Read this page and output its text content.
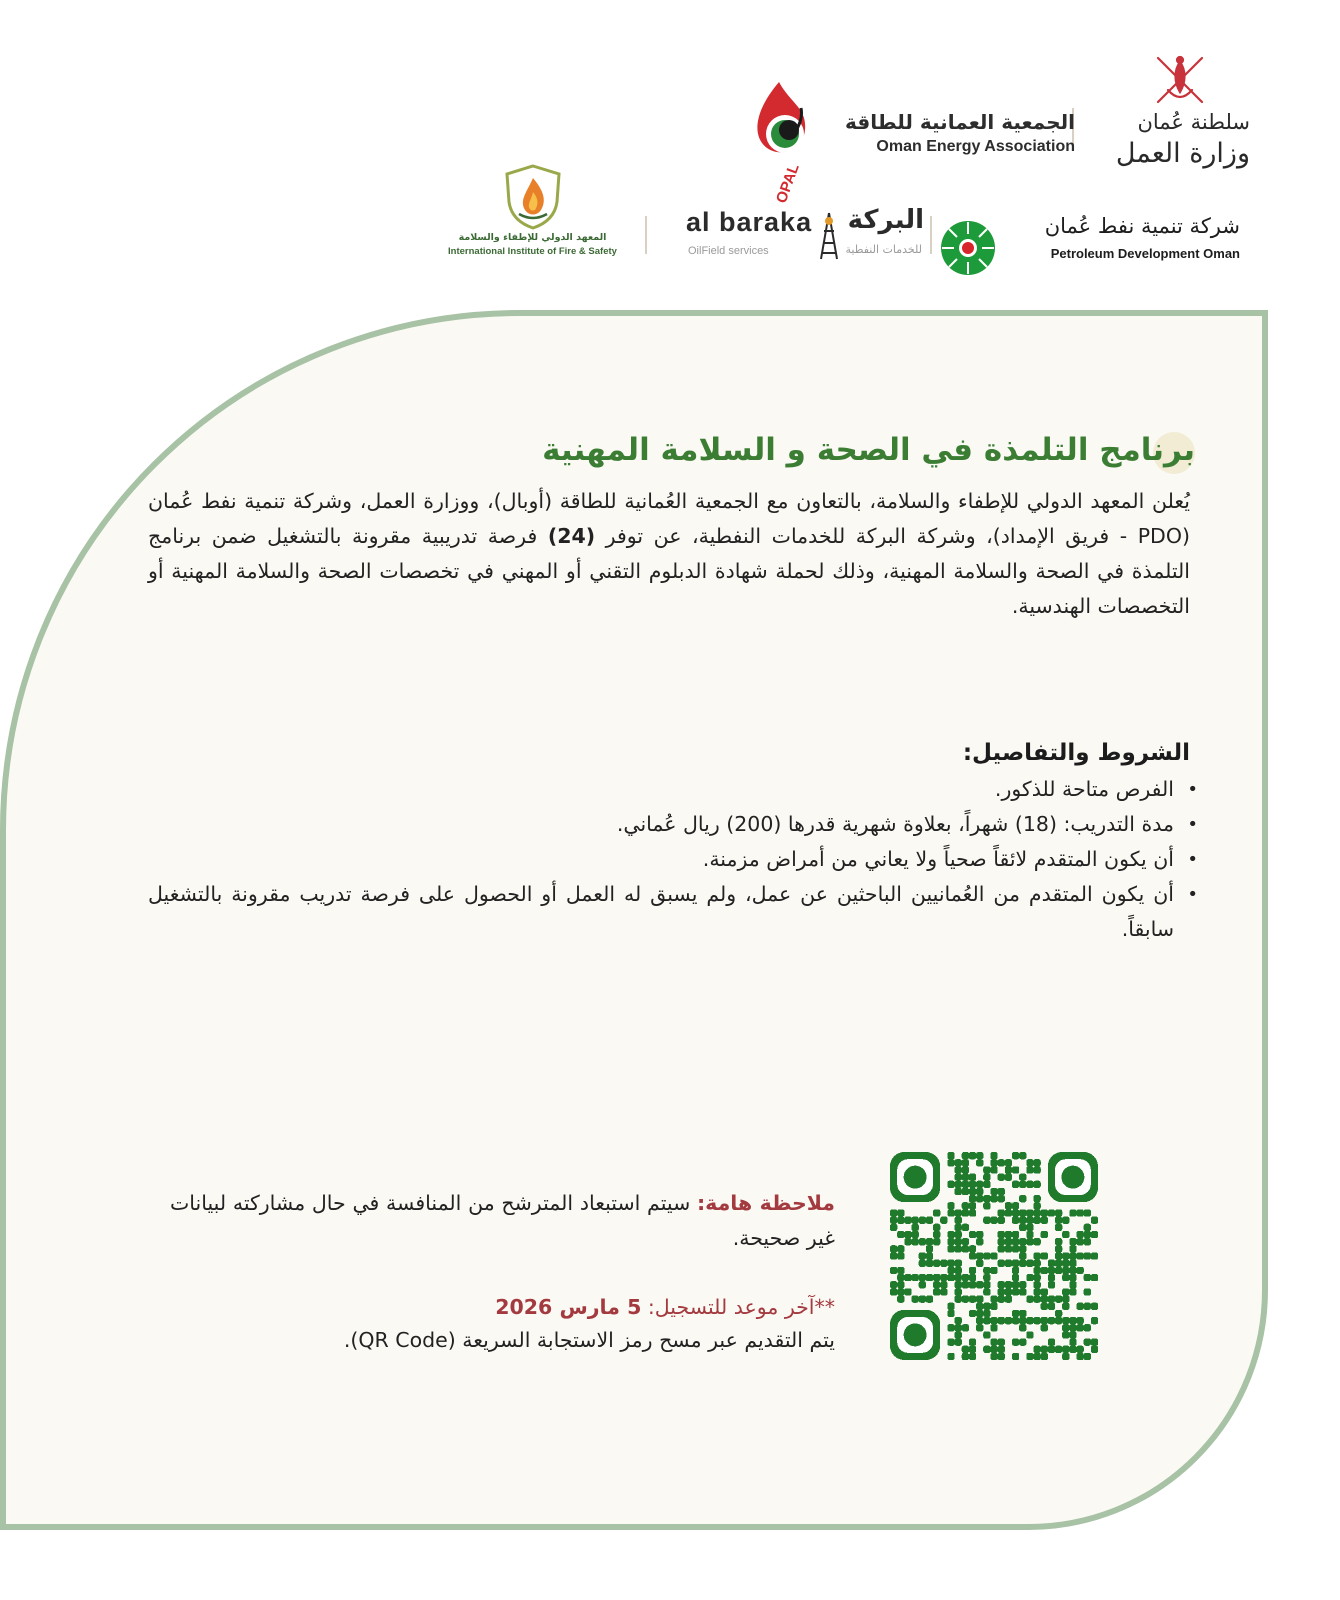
سلطنة عُمان
وزارة العمل
OPAL
الجمعية العمانية للطاقة
Oman Energy Association
شركة تنمية نفط عُمان
Petroleum Development Oman
al baraka البركة
OilField services	للخدمات النفطية
المعهد الدولي للإطفاء والسلامة
International Institute of Fire & Safety
برنامج التلمذة في الصحة و السلامة المهنية

يُعلن المعهد الدولي للإطفاء والسلامة، بالتعاون مع الجمعية العُمانية للطاقة (أوبال)، ووزارة العمل، وشركة تنمية نفط عُمان (PDO - فريق الإمداد)، وشركة البركة للخدمات النفطية، عن توفر (24) فرصة تدريبية مقرونة بالتشغيل ضمن برنامج التلمذة في الصحة والسلامة المهنية، وذلك لحملة شهادة الدبلوم التقني أو المهني في تخصصات الصحة والسلامة المهنية أو التخصصات الهندسية.

الشروط والتفاصيل:
•
الفرص متاحة للذكور.
•
مدة التدريب: (18) شهراً، بعلاوة شهرية قدرها (200) ريال عُماني.
•
أن يكون المتقدم لائقاً صحياً ولا يعاني من أمراض مزمنة.
•
أن يكون المتقدم من العُمانيين الباحثين عن عمل، ولم يسبق له العمل أو الحصول على فرصة تدريب مقرونة بالتشغيل سابقاً.

ملاحظة هامة: سيتم استبعاد المترشح من المنافسة في حال مشاركته لبيانات غير صحيحة.

**آخر موعد للتسجيل: 5 مارس 2026

يتم التقديم عبر مسح رمز الاستجابة السريعة (QR Code).
